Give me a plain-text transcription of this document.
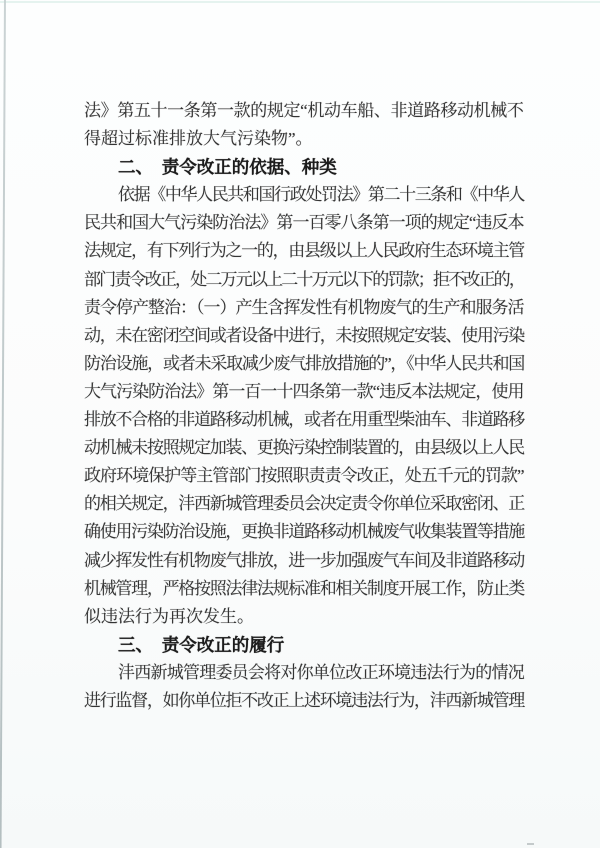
法》第五十一条第一款的规定“机动车船、非道路移动机械不
得超过标准排放大气污染物”。
二、　责令改正的依据、种类
依据《中华人民共和国行政处罚法》第二十三条和《中华人
民共和国大气污染防治法》第一百零八条第一项的规定“违反本
法规定，有下列行为之一的，由县级以上人民政府生态环境主管
部门责令改正，处二万元以上二十万元以下的罚款；拒不改正的，
责令停产整治：（一）产生含挥发性有机物废气的生产和服务活
动，未在密闭空间或者设备中进行，未按照规定安装、使用污染
防治设施，或者未采取减少废气排放措施的”，《中华人民共和国
大气污染防治法》第一百一十四条第一款“违反本法规定，使用
排放不合格的非道路移动机械，或者在用重型柴油车、非道路移
动机械未按照规定加装、更换污染控制装置的，由县级以上人民
政府环境保护等主管部门按照职责责令改正，处五千元的罚款”
的相关规定，沣西新城管理委员会决定责令你单位采取密闭、正
确使用污染防治设施，更换非道路移动机械废气收集装置等措施
减少挥发性有机物废气排放，进一步加强废气车间及非道路移动
机械管理，严格按照法律法规标准和相关制度开展工作，防止类
似违法行为再次发生。
三、　责令改正的履行
沣西新城管理委员会将对你单位改正环境违法行为的情况
进行监督，如你单位拒不改正上述环境违法行为，沣西新城管理
